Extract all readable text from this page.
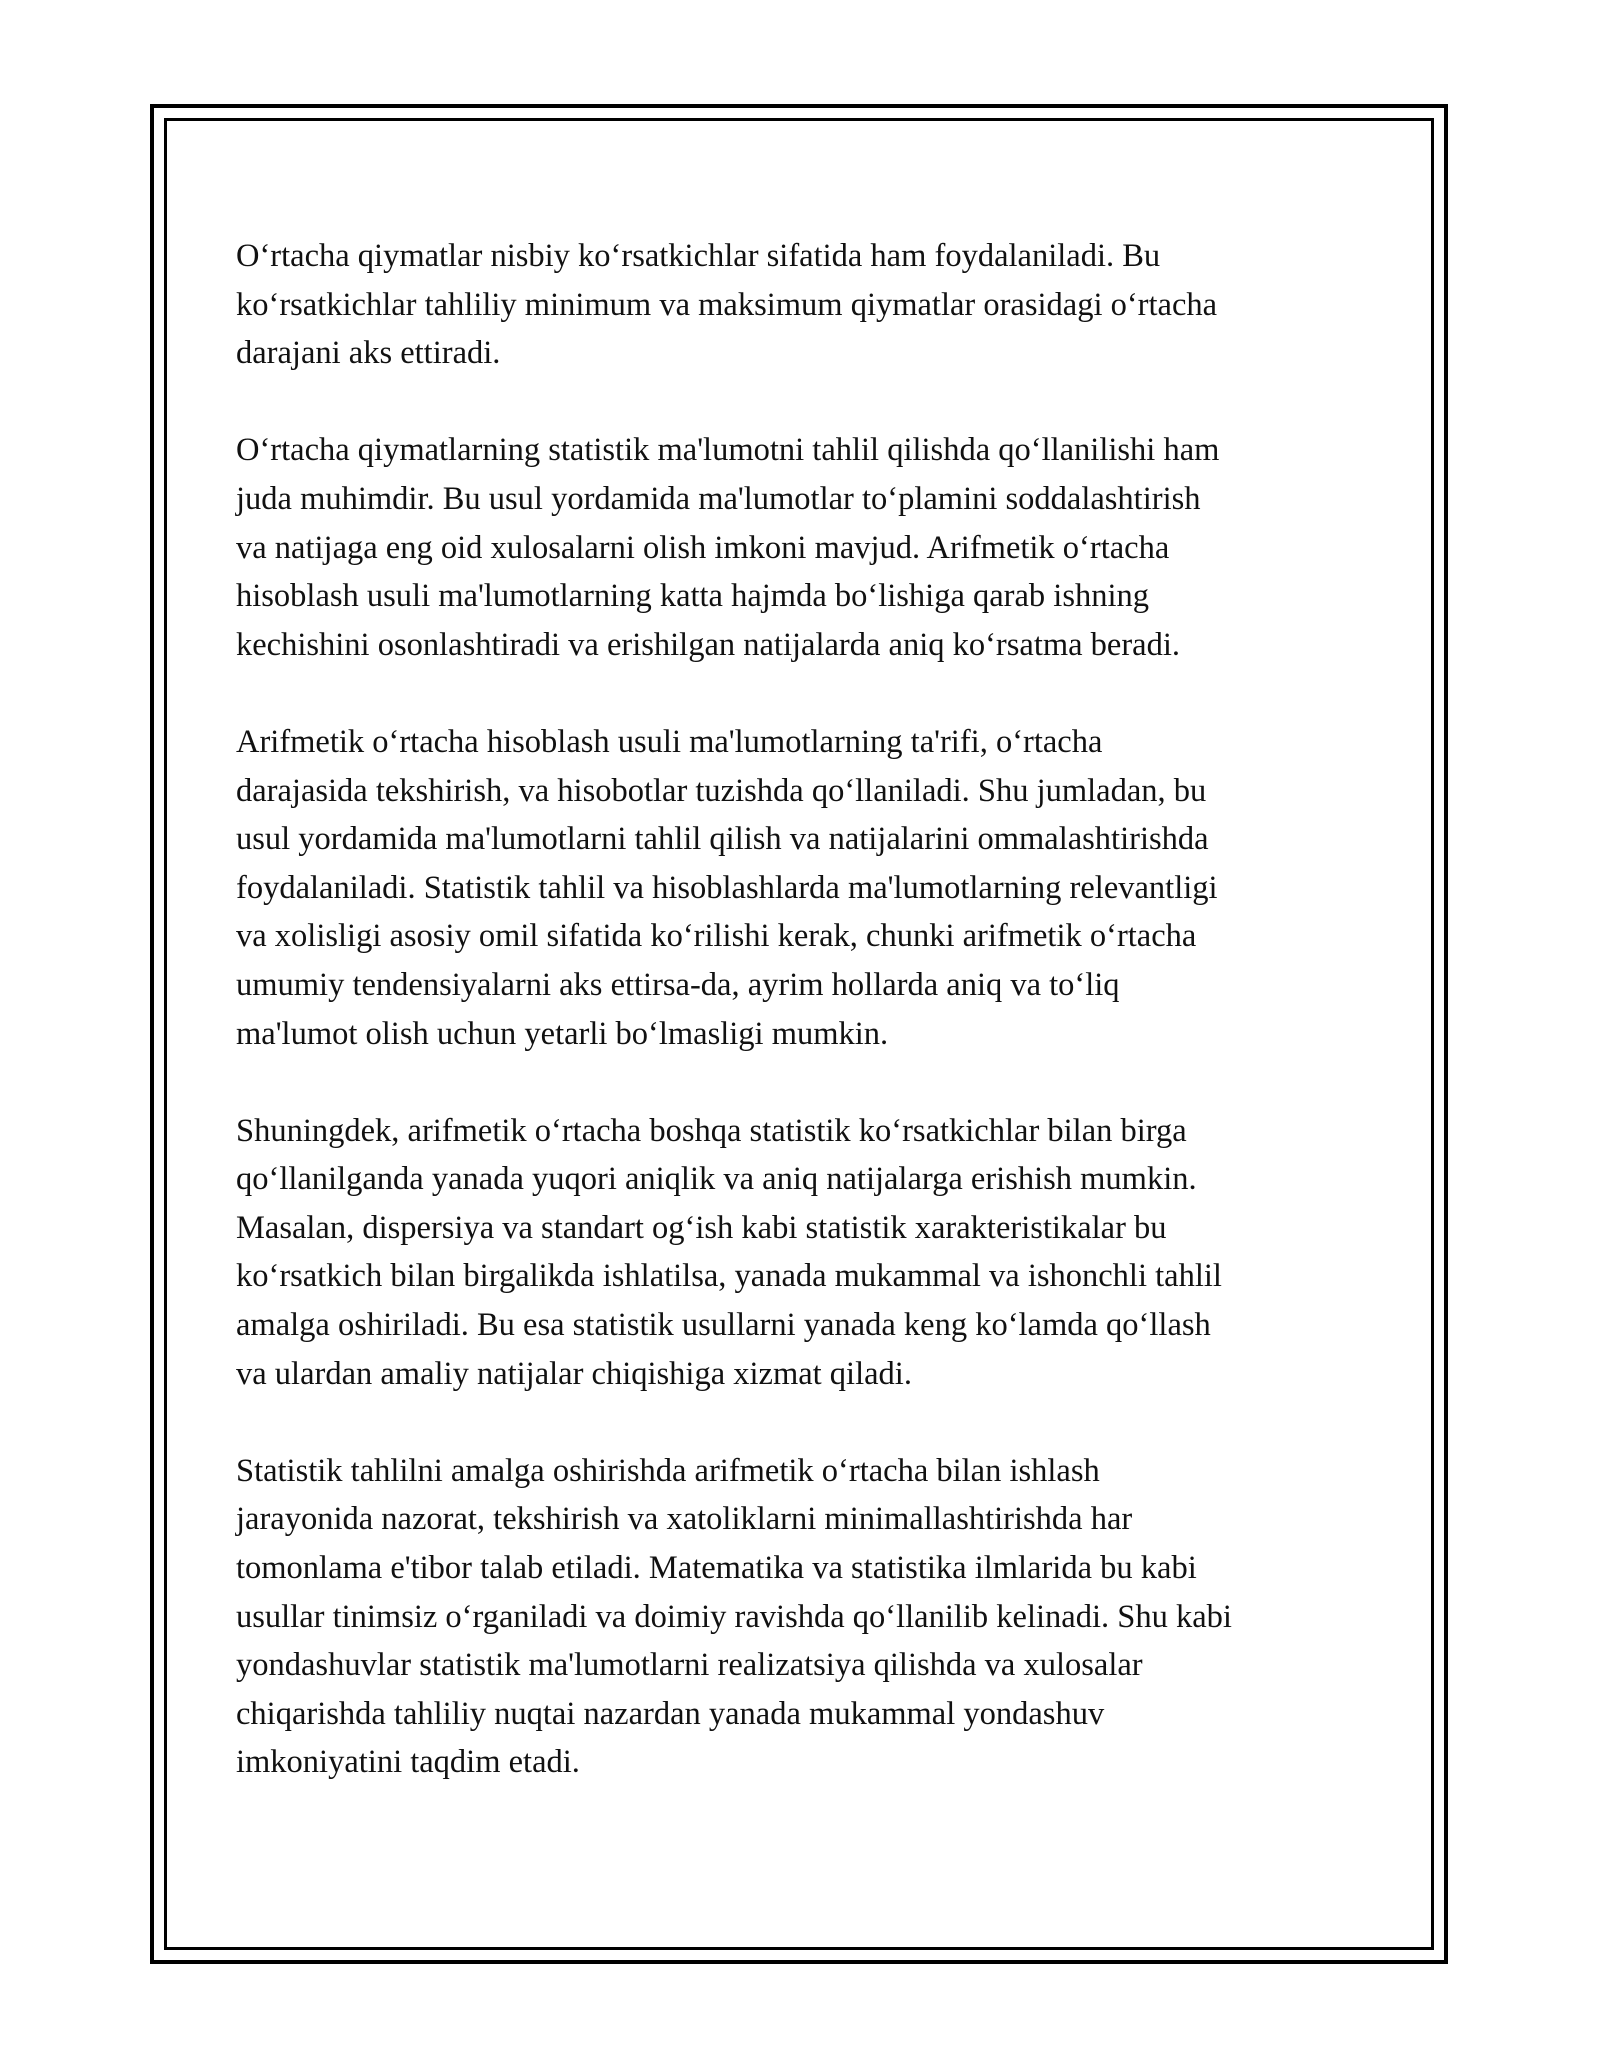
O‘rtacha qiymatlar nisbiy ko‘rsatkichlar sifatida ham foydalaniladi. Bu
ko‘rsatkichlar tahliliy minimum va maksimum qiymatlar orasidagi o‘rtacha
darajani aks ettiradi.

O‘rtacha qiymatlarning statistik ma'lumotni tahlil qilishda qo‘llanilishi ham
juda muhimdir. Bu usul yordamida ma'lumotlar to‘plamini soddalashtirish
va natijaga eng oid xulosalarni olish imkoni mavjud. Arifmetik o‘rtacha
hisoblash usuli ma'lumotlarning katta hajmda bo‘lishiga qarab ishning
kechishini osonlashtiradi va erishilgan natijalarda aniq ko‘rsatma beradi.

Arifmetik o‘rtacha hisoblash usuli ma'lumotlarning ta'rifi, o‘rtacha
darajasida tekshirish, va hisobotlar tuzishda qo‘llaniladi. Shu jumladan, bu
usul yordamida ma'lumotlarni tahlil qilish va natijalarini ommalashtirishda
foydalaniladi. Statistik tahlil va hisoblashlarda ma'lumotlarning relevantligi
va xolisligi asosiy omil sifatida ko‘rilishi kerak, chunki arifmetik o‘rtacha
umumiy tendensiyalarni aks ettirsa-da, ayrim hollarda aniq va to‘liq
ma'lumot olish uchun yetarli bo‘lmasligi mumkin.

Shuningdek, arifmetik o‘rtacha boshqa statistik ko‘rsatkichlar bilan birga
qo‘llanilganda yanada yuqori aniqlik va aniq natijalarga erishish mumkin.
Masalan, dispersiya va standart og‘ish kabi statistik xarakteristikalar bu
ko‘rsatkich bilan birgalikda ishlatilsa, yanada mukammal va ishonchli tahlil
amalga oshiriladi. Bu esa statistik usullarni yanada keng ko‘lamda qo‘llash
va ulardan amaliy natijalar chiqishiga xizmat qiladi.

Statistik tahlilni amalga oshirishda arifmetik o‘rtacha bilan ishlash
jarayonida nazorat, tekshirish va xatoliklarni minimallashtirishda har
tomonlama e'tibor talab etiladi. Matematika va statistika ilmlarida bu kabi
usullar tinimsiz o‘rganiladi va doimiy ravishda qo‘llanilib kelinadi. Shu kabi
yondashuvlar statistik ma'lumotlarni realizatsiya qilishda va xulosalar
chiqarishda tahliliy nuqtai nazardan yanada mukammal yondashuv
imkoniyatini taqdim etadi.
